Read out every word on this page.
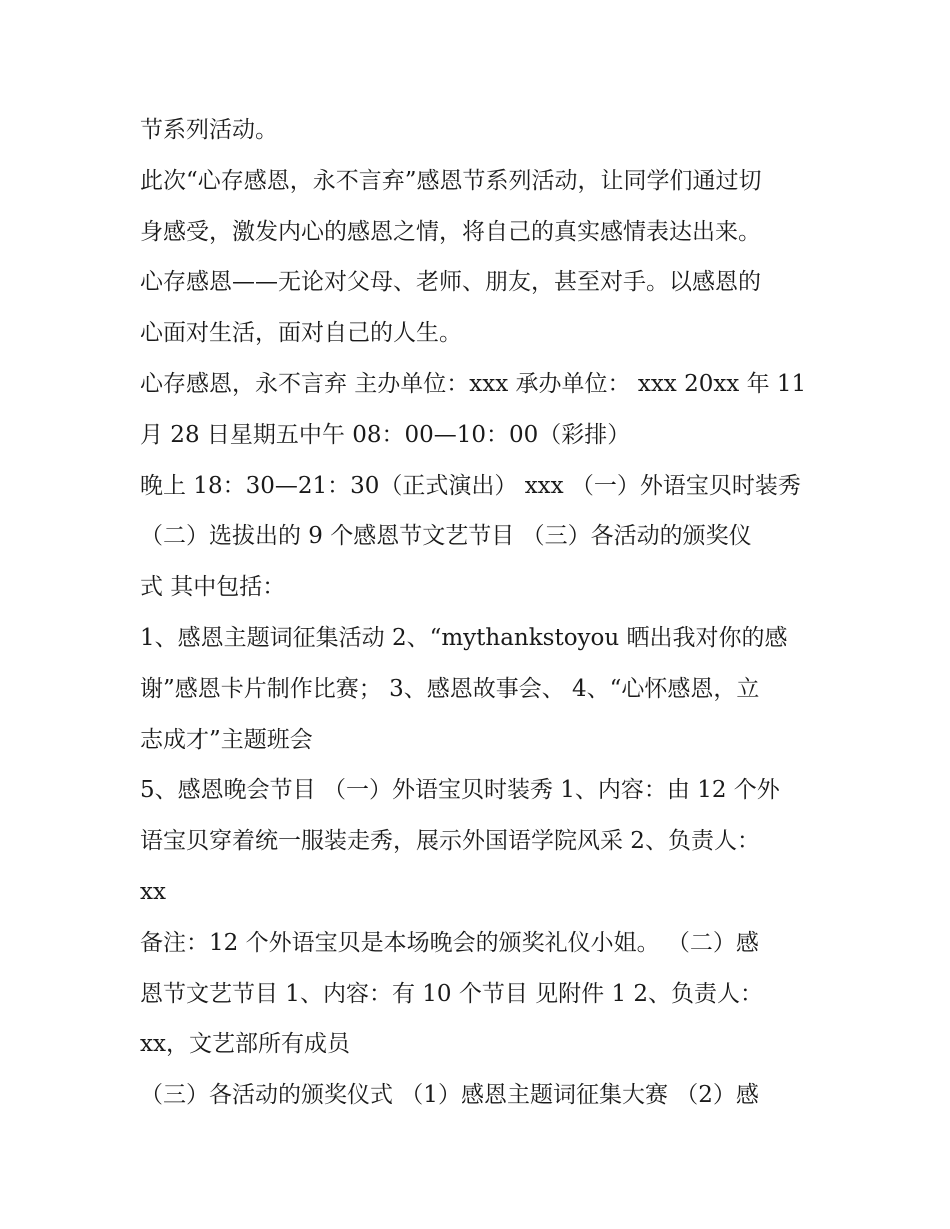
节系列活动。
此次“心存感恩，永不言弃”感恩节系列活动，让同学们通过切
身感受，激发内心的感恩之情，将自己的真实感情表达出来。
心存感恩——无论对父母、老师、朋友，甚至对手。以感恩的
心面对生活，面对自己的人生。
心存感恩，永不言弃 主办单位：xxx 承办单位： xxx 20xx 年 11
月 28 日星期五中午 08：00—10：00（彩排）
晚上 18：30—21：30（正式演出） xxx （一）外语宝贝时装秀
（二）选拔出的 9 个感恩节文艺节目 （三）各活动的颁奖仪
式 其中包括：
1、感恩主题词征集活动 2、“mythankstoyou 晒出我对你的感
谢”感恩卡片制作比赛； 3、感恩故事会、 4、“心怀感恩，立
志成才”主题班会
5、感恩晚会节目 （一）外语宝贝时装秀 1、内容：由 12 个外
语宝贝穿着统一服装走秀，展示外国语学院风采 2、负责人：
xx
备注：12 个外语宝贝是本场晚会的颁奖礼仪小姐。 （二）感
恩节文艺节目 1、内容：有 10 个节目 见附件 1 2、负责人：
xx，文艺部所有成员
（三）各活动的颁奖仪式 （1）感恩主题词征集大赛 （2）感
